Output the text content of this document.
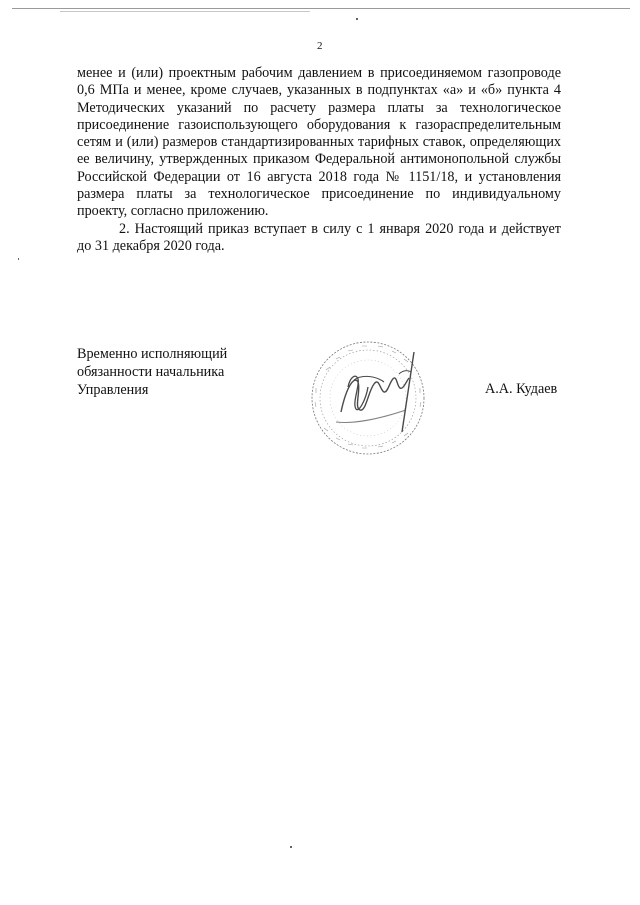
2

менее и (или) проектным рабочим давлением в присоединяемом газопроводе 0,6 МПа и менее, кроме случаев, указанных в подпунктах «а» и «б» пункта 4 Методических указаний по расчету размера платы за технологическое присоединение газоиспользующего оборудования к газораспределительным сетям и (или) размеров стандартизированных тарифных ставок, определяющих ее величину, утвержденных приказом Федеральной антимонопольной службы Российской Федерации от 16 августа 2018 года № 1151/18, и установления размера платы за технологическое присоединение по индивидуальному проекту, согласно приложению.

2. Настоящий приказ вступает в силу с 1 января 2020 года и действует до 31 декабря 2020 года.

Временно исполняющий
обязанности начальника
Управления	А.А. Кудаев
